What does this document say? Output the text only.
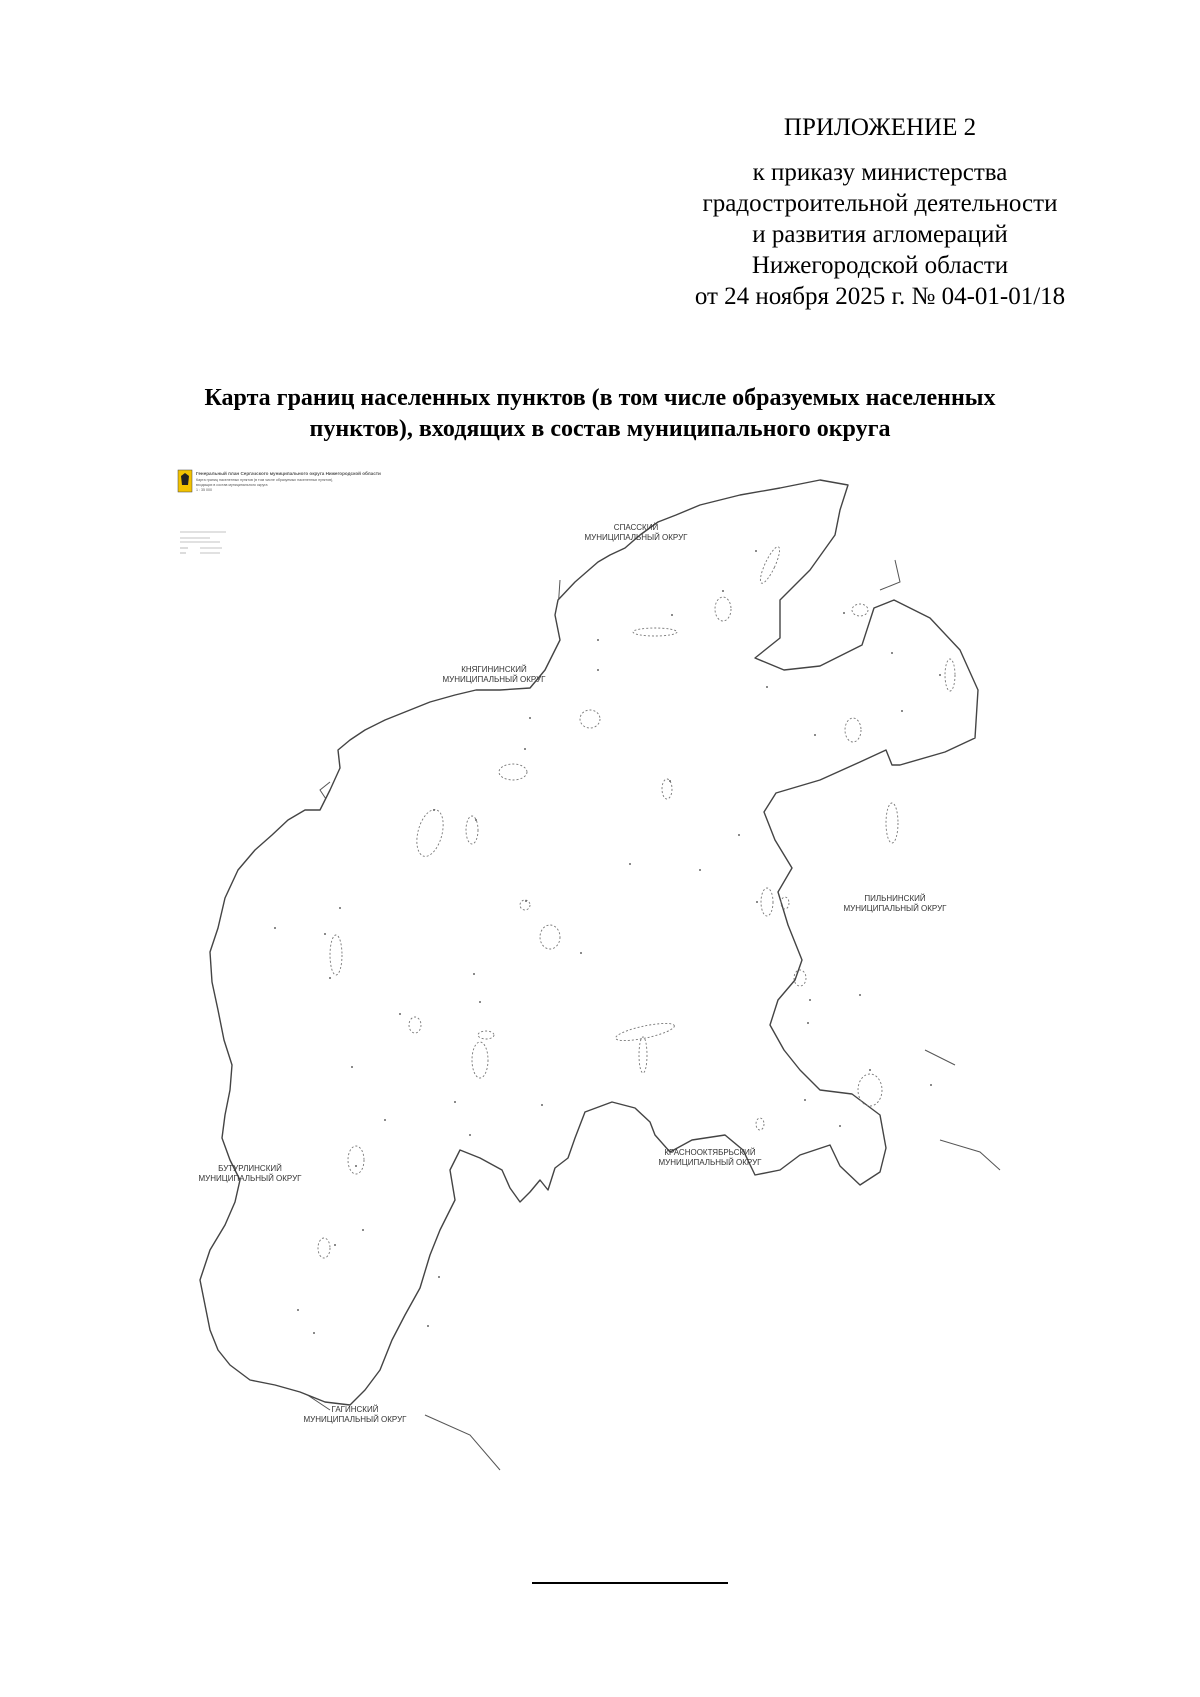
ПРИЛОЖЕНИЕ 2
к приказу министерства
градостроительной деятельности
и развития агломераций
Нижегородской области
от 24 ноября 2025 г. № 04-01-01/18
Карта границ населенных пунктов (в том числе образуемых населенных
пунктов), входящих в состав муниципального округа
Генеральный план Сергачского муниципального округа Нижегородской области
Карта границ населенных пунктов (в том числе образуемых населенных пунктов),
входящих в состав муниципального округа
1 : 35 000
СПАССКИЙ
МУНИЦИПАЛЬНЫЙ ОКРУГ
КНЯГИНИНСКИЙ
МУНИЦИПАЛЬНЫЙ ОКРУГ
ПИЛЬНИНСКИЙ
МУНИЦИПАЛЬНЫЙ ОКРУГ
КРАСНООКТЯБРЬСКИЙ
МУНИЦИПАЛЬНЫЙ ОКРУГ
БУТУРЛИНСКИЙ
МУНИЦИПАЛЬНЫЙ ОКРУГ
ГАГИНСКИЙ
МУНИЦИПАЛЬНЫЙ ОКРУГ
